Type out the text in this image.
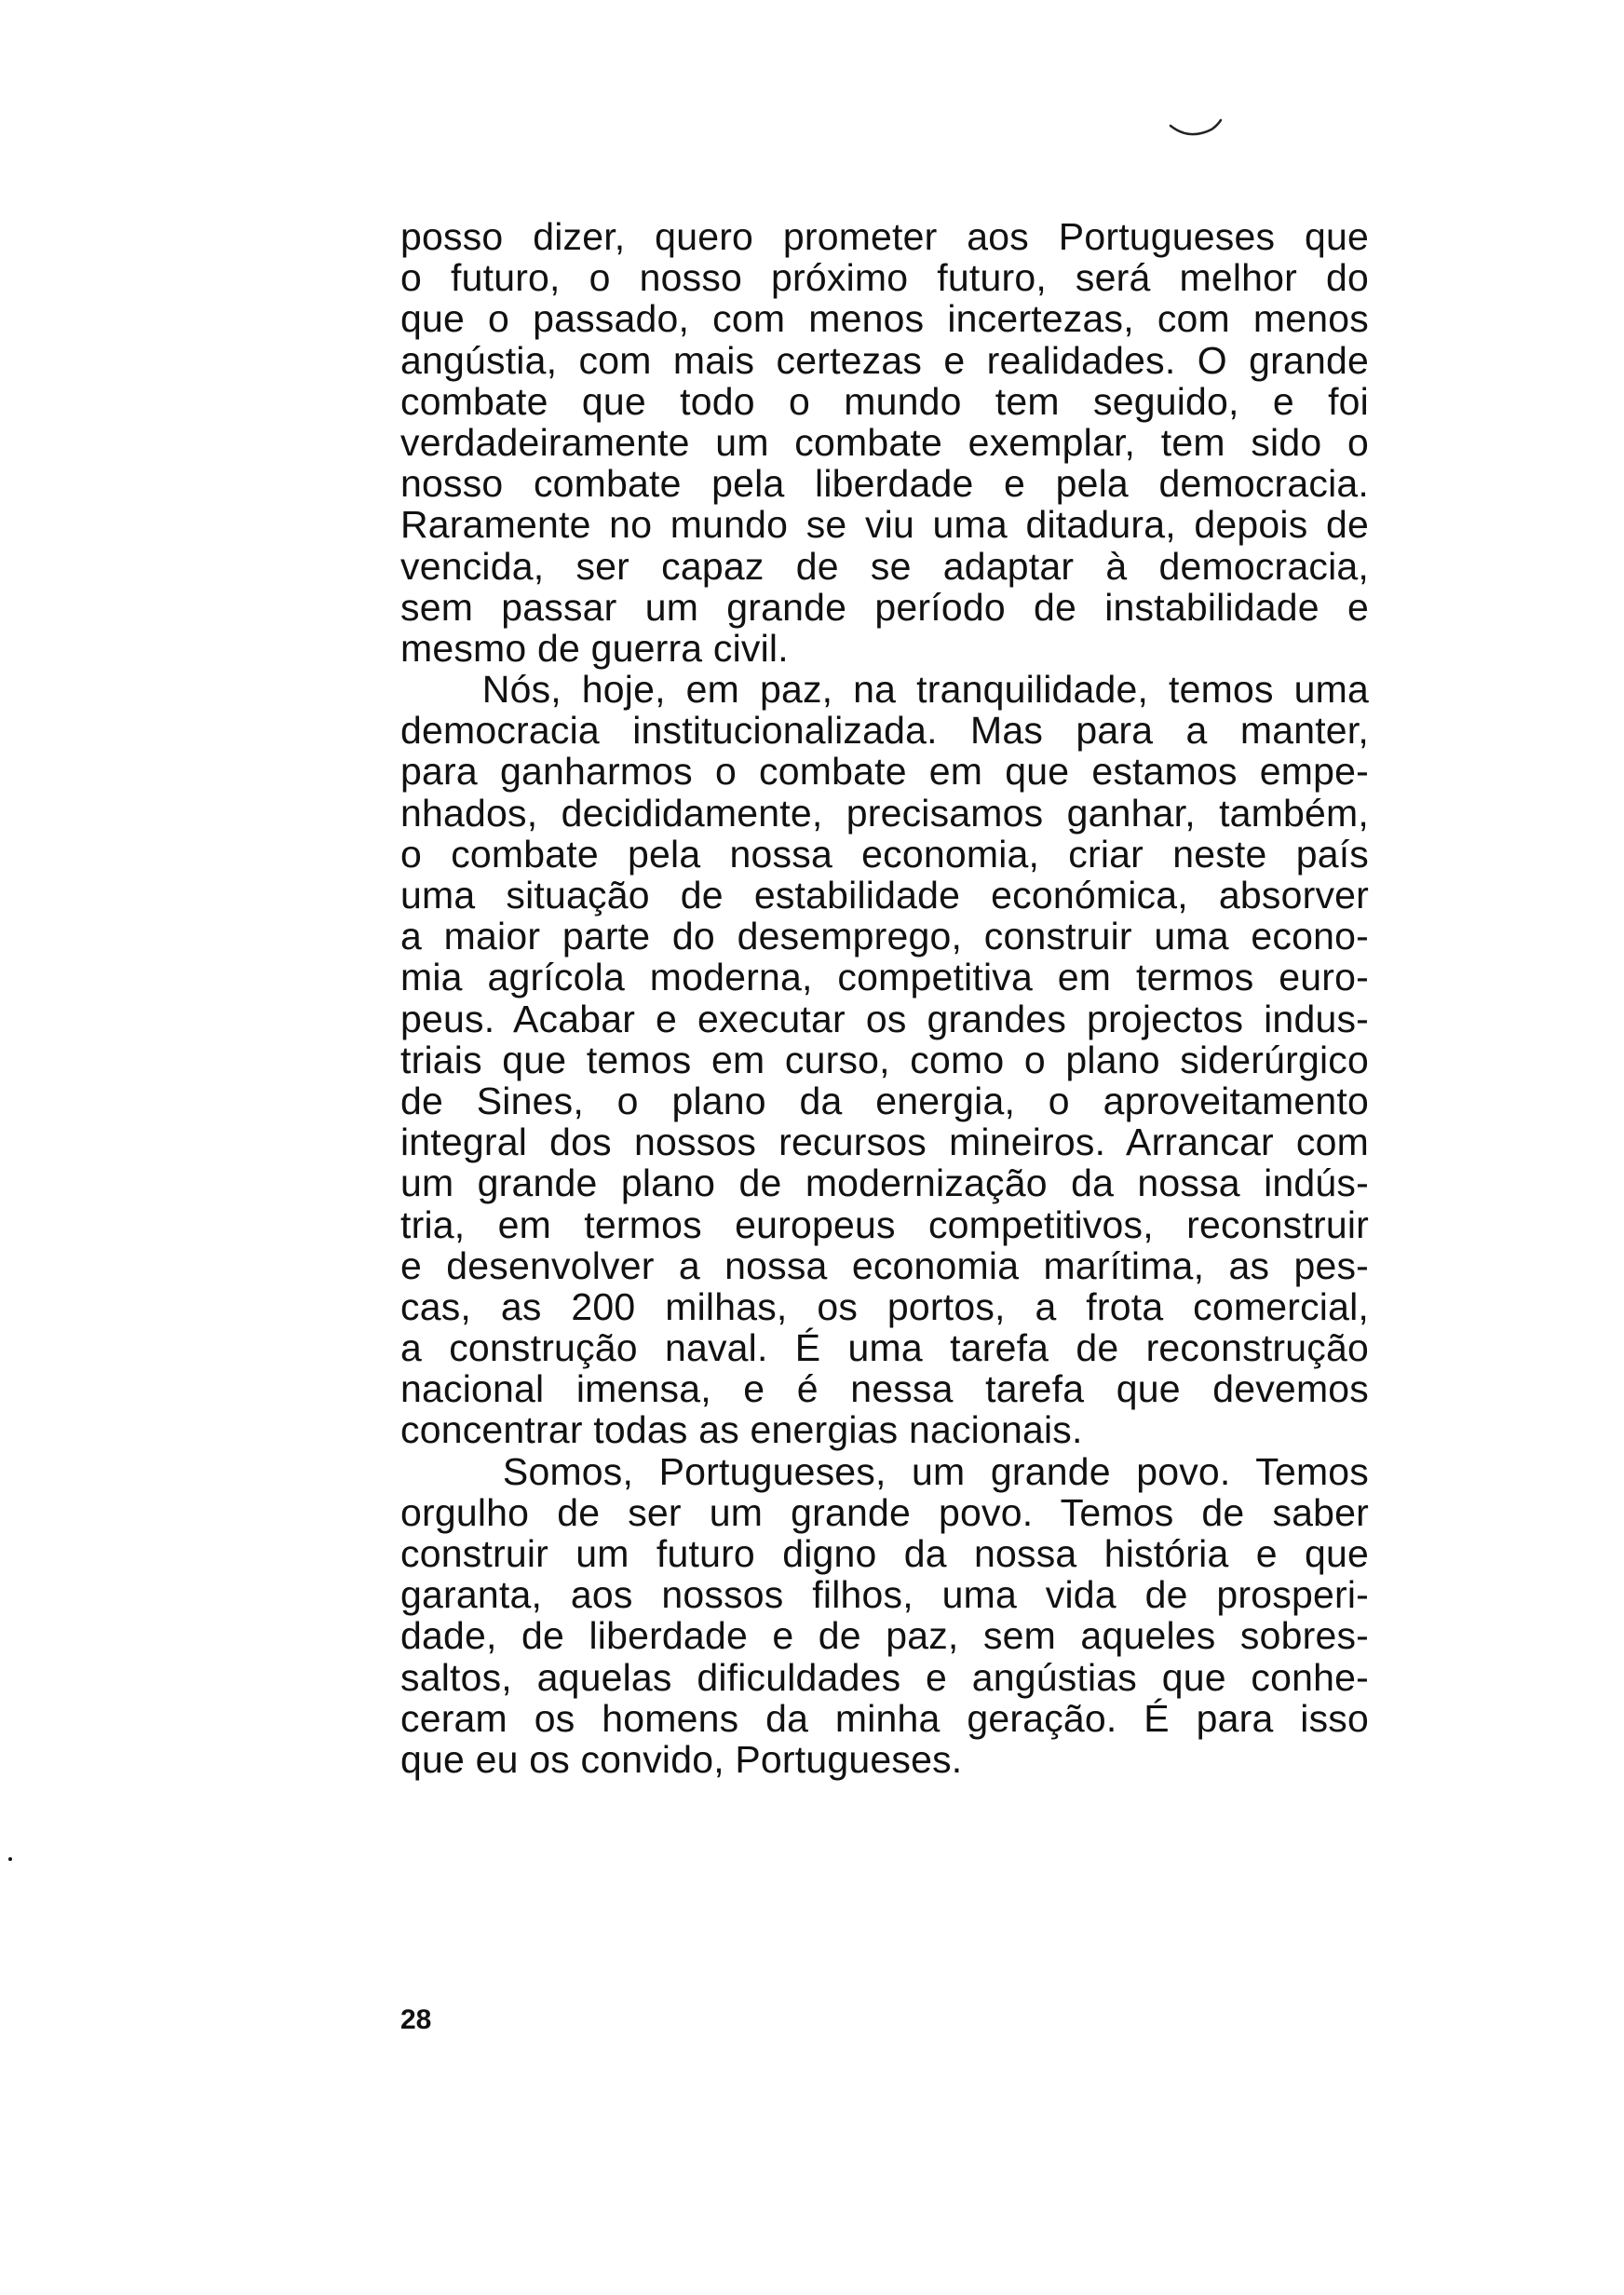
posso dizer, quero prometer aos Portugueses que
o futuro, o nosso próximo futuro, será melhor do
que o passado, com menos incertezas, com menos
angústia, com mais certezas e realidades. O grande
combate que todo o mundo tem seguido, e foi
verdadeiramente um combate exemplar, tem sido o
nosso combate pela liberdade e pela democracia.
Raramente no mundo se viu uma ditadura, depois de
vencida, ser capaz de se adaptar à democracia,
sem passar um grande período de instabilidade e
mesmo de guerra civil.

Nós, hoje, em paz, na tranquilidade, temos uma
democracia institucionalizada. Mas para a manter,
para ganharmos o combate em que estamos empe-
nhados, decididamente, precisamos ganhar, também,
o combate pela nossa economia, criar neste país
uma situação de estabilidade económica, absorver
a maior parte do desemprego, construir uma econo-
mia agrícola moderna, competitiva em termos euro-
peus. Acabar e executar os grandes projectos indus-
triais que temos em curso, como o plano siderúrgico
de Sines, o plano da energia, o aproveitamento
integral dos nossos recursos mineiros. Arrancar com
um grande plano de modernização da nossa indús-
tria, em termos europeus competitivos, reconstruir
e desenvolver a nossa economia marítima, as pes-
cas, as 200 milhas, os portos, a frota comercial,
a construção naval. É uma tarefa de reconstrução
nacional imensa, e é nessa tarefa que devemos
concentrar todas as energias nacionais.

Somos, Portugueses, um grande povo. Temos
orgulho de ser um grande povo. Temos de saber
construir um futuro digno da nossa história e que
garanta, aos nossos filhos, uma vida de prosperi-
dade, de liberdade e de paz, sem aqueles sobres-
saltos, aquelas dificuldades e angústias que conhe-
ceram os homens da minha geração. É para isso
que eu os convido, Portugueses.

28
